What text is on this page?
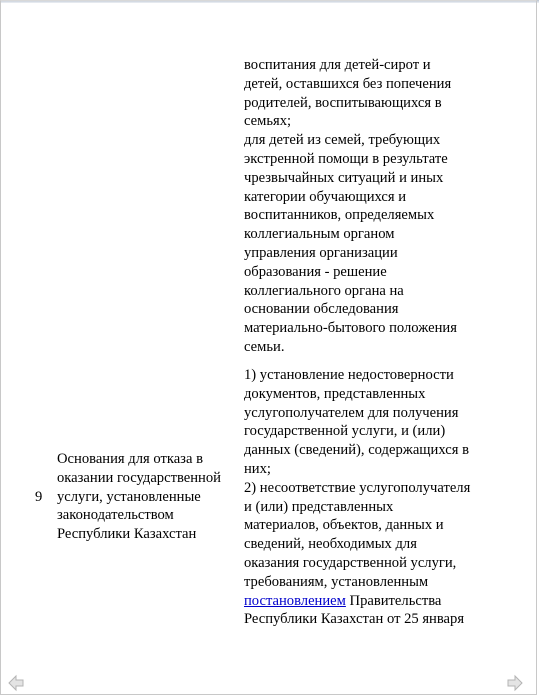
воспитания для детей-сирот и

детей, оставшихся без попечения

родителей, воспитывающихся в

семьях;

для детей из семей, требующих

экстренной помощи в результате

чрезвычайных ситуаций и иных

категории обучающихся и

воспитанников, определяемых

коллегиальным органом

управления организации

образования - решение

коллегиального органа на

основании обследования

материально-бытового положения

семьи.

9
Основания для отказа в
оказании государственной
услуги, установленные
законодательством
Республики Казахстан

1) установление недостоверности

документов, представленных

услугополучателем для получения

государственной услуги, и (или)

данных (сведений), содержащихся в

них;

2) несоответствие услугополучателя

и (или) представленных

материалов, объектов, данных и

сведений, необходимых для

оказания государственной услуги,

требованиям, установленным

постановлением Правительства

Республики Казахстан от 25 января
